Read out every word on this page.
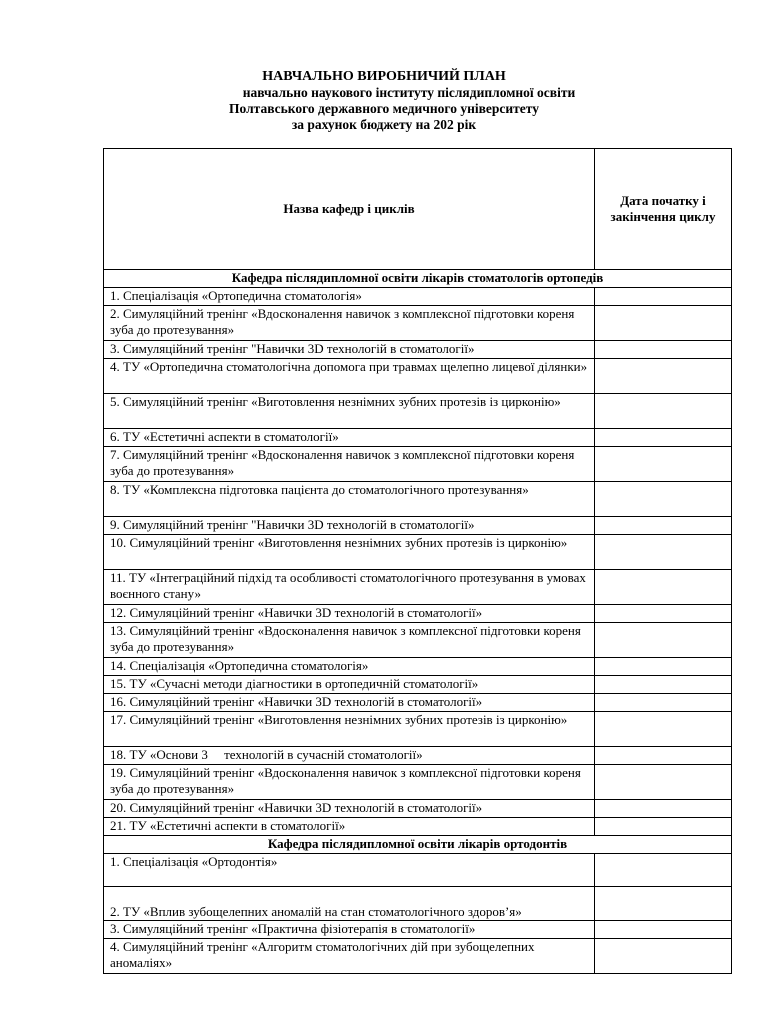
НАВЧАЛЬНО ВИРОБНИЧИЙ ПЛАН
навчально наукового інституту післядипломної освіти
Полтавського державного медичного університету
за рахунок бюджету на 202 рік
Назва кафедр і циклів	Дата початку і закінчення циклу
Кафедра післядипломної освіти лікарів стоматологів ортопедів	
1. Спеціалізація «Ортопедична стоматологія»	
2. Симуляційний тренінг «Вдосконалення навичок з комплексної підготовки кореня зуба до протезування»	
3. Симуляційний тренінг "Навички 3D технологій в стоматології»	
4. ТУ «Ортопедична стоматологічна допомога при травмах щелепно лицевої ділянки»	
5. Симуляційний тренінг «Виготовлення незнімних зубних протезів із цирконію»	
6. ТУ «Естетичні аспекти в стоматології»	
7. Симуляційний тренінг «Вдосконалення навичок з комплексної підготовки кореня зуба до протезування»	
8. ТУ «Комплексна підготовка пацієнта до стоматологічного протезування»	
9. Симуляційний тренінг "Навички 3D технологій в стоматології»	
10. Симуляційний тренінг «Виготовлення незнімних зубних протезів із цирконію»	
11. ТУ «Інтеграційний підхід та особливості стоматологічного протезування в умовах воєнного стану»	
12. Симуляційний тренінг «Навички 3D технологій в стоматології»	
13. Симуляційний тренінг «Вдосконалення навичок з комплексної підготовки кореня зуба до протезування»	
14. Спеціалізація «Ортопедична стоматологія»	
15. ТУ «Сучасні методи діагностики в ортопедичній стоматології»	
16. Симуляційний тренінг «Навички 3D технологій в стоматології»	
17. Симуляційний тренінг «Виготовлення незнімних зубних протезів із цирконію»	
18. ТУ «Основи 3     технологій в сучасній стоматології»	
19. Симуляційний тренінг «Вдосконалення навичок з комплексної підготовки кореня зуба до протезування»	
20. Симуляційний тренінг «Навички 3D технологій в стоматології»	
21. ТУ «Естетичні аспекти в стоматології»	
Кафедра післядипломної освіти лікарів ортодонтів	
1. Спеціалізація «Ортодонтія»	
2. ТУ «Вплив зубощелепних аномалій на стан стоматологічного здоров’я»	
3. Симуляційний тренінг «Практична фізіотерапія в стоматології»	
4. Симуляційний тренінг «Алгоритм стоматологічних дій при зубощелепних аномаліях»	
